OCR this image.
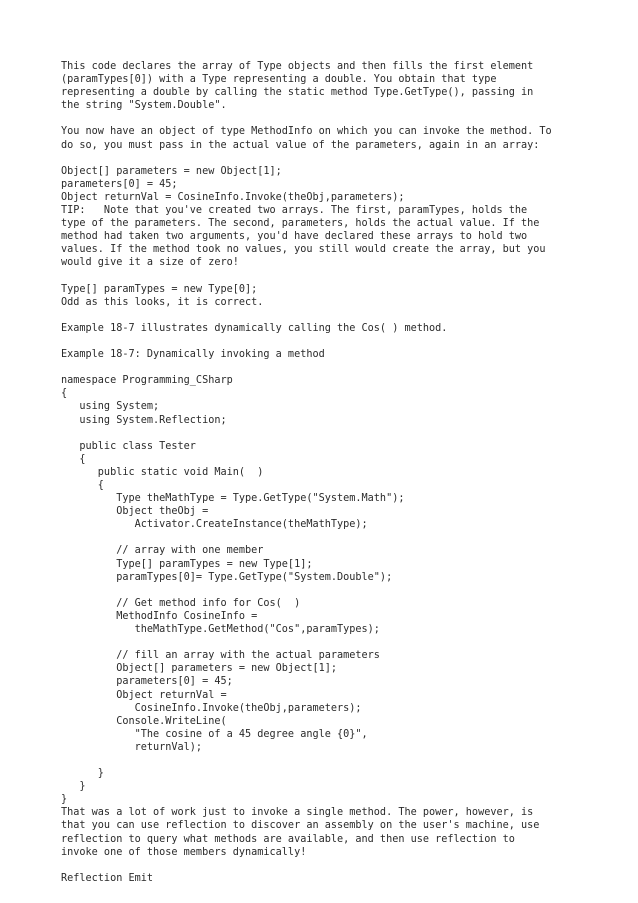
This code declares the array of Type objects and then fills the first element
(paramTypes[0]) with a Type representing a double. You obtain that type
representing a double by calling the static method Type.GetType(), passing in
the string "System.Double".

You now have an object of type MethodInfo on which you can invoke the method. To
do so, you must pass in the actual value of the parameters, again in an array:

Object[] parameters = new Object[1];
parameters[0] = 45;
Object returnVal = CosineInfo.Invoke(theObj,parameters);
TIP:   Note that you've created two arrays. The first, paramTypes, holds the
type of the parameters. The second, parameters, holds the actual value. If the
method had taken two arguments, you'd have declared these arrays to hold two
values. If the method took no values, you still would create the array, but you
would give it a size of zero!

Type[] paramTypes = new Type[0];
Odd as this looks, it is correct.

Example 18-7 illustrates dynamically calling the Cos( ) method.

Example 18-7: Dynamically invoking a method

namespace Programming_CSharp
{
using System;
using System.Reflection;

public class Tester
{
public static void Main(  )
{
Type theMathType = Type.GetType("System.Math");
Object theObj =
Activator.CreateInstance(theMathType);

// array with one member
Type[] paramTypes = new Type[1];
paramTypes[0]= Type.GetType("System.Double");

// Get method info for Cos(  )
MethodInfo CosineInfo =
theMathType.GetMethod("Cos",paramTypes);

// fill an array with the actual parameters
Object[] parameters = new Object[1];
parameters[0] = 45;
Object returnVal =
CosineInfo.Invoke(theObj,parameters);
Console.WriteLine(
"The cosine of a 45 degree angle {0}",
returnVal);

}
}
}

That was a lot of work just to invoke a single method. The power, however, is
that you can use reflection to discover an assembly on the user's machine, use
reflection to query what methods are available, and then use reflection to
invoke one of those members dynamically!

Reflection Emit
